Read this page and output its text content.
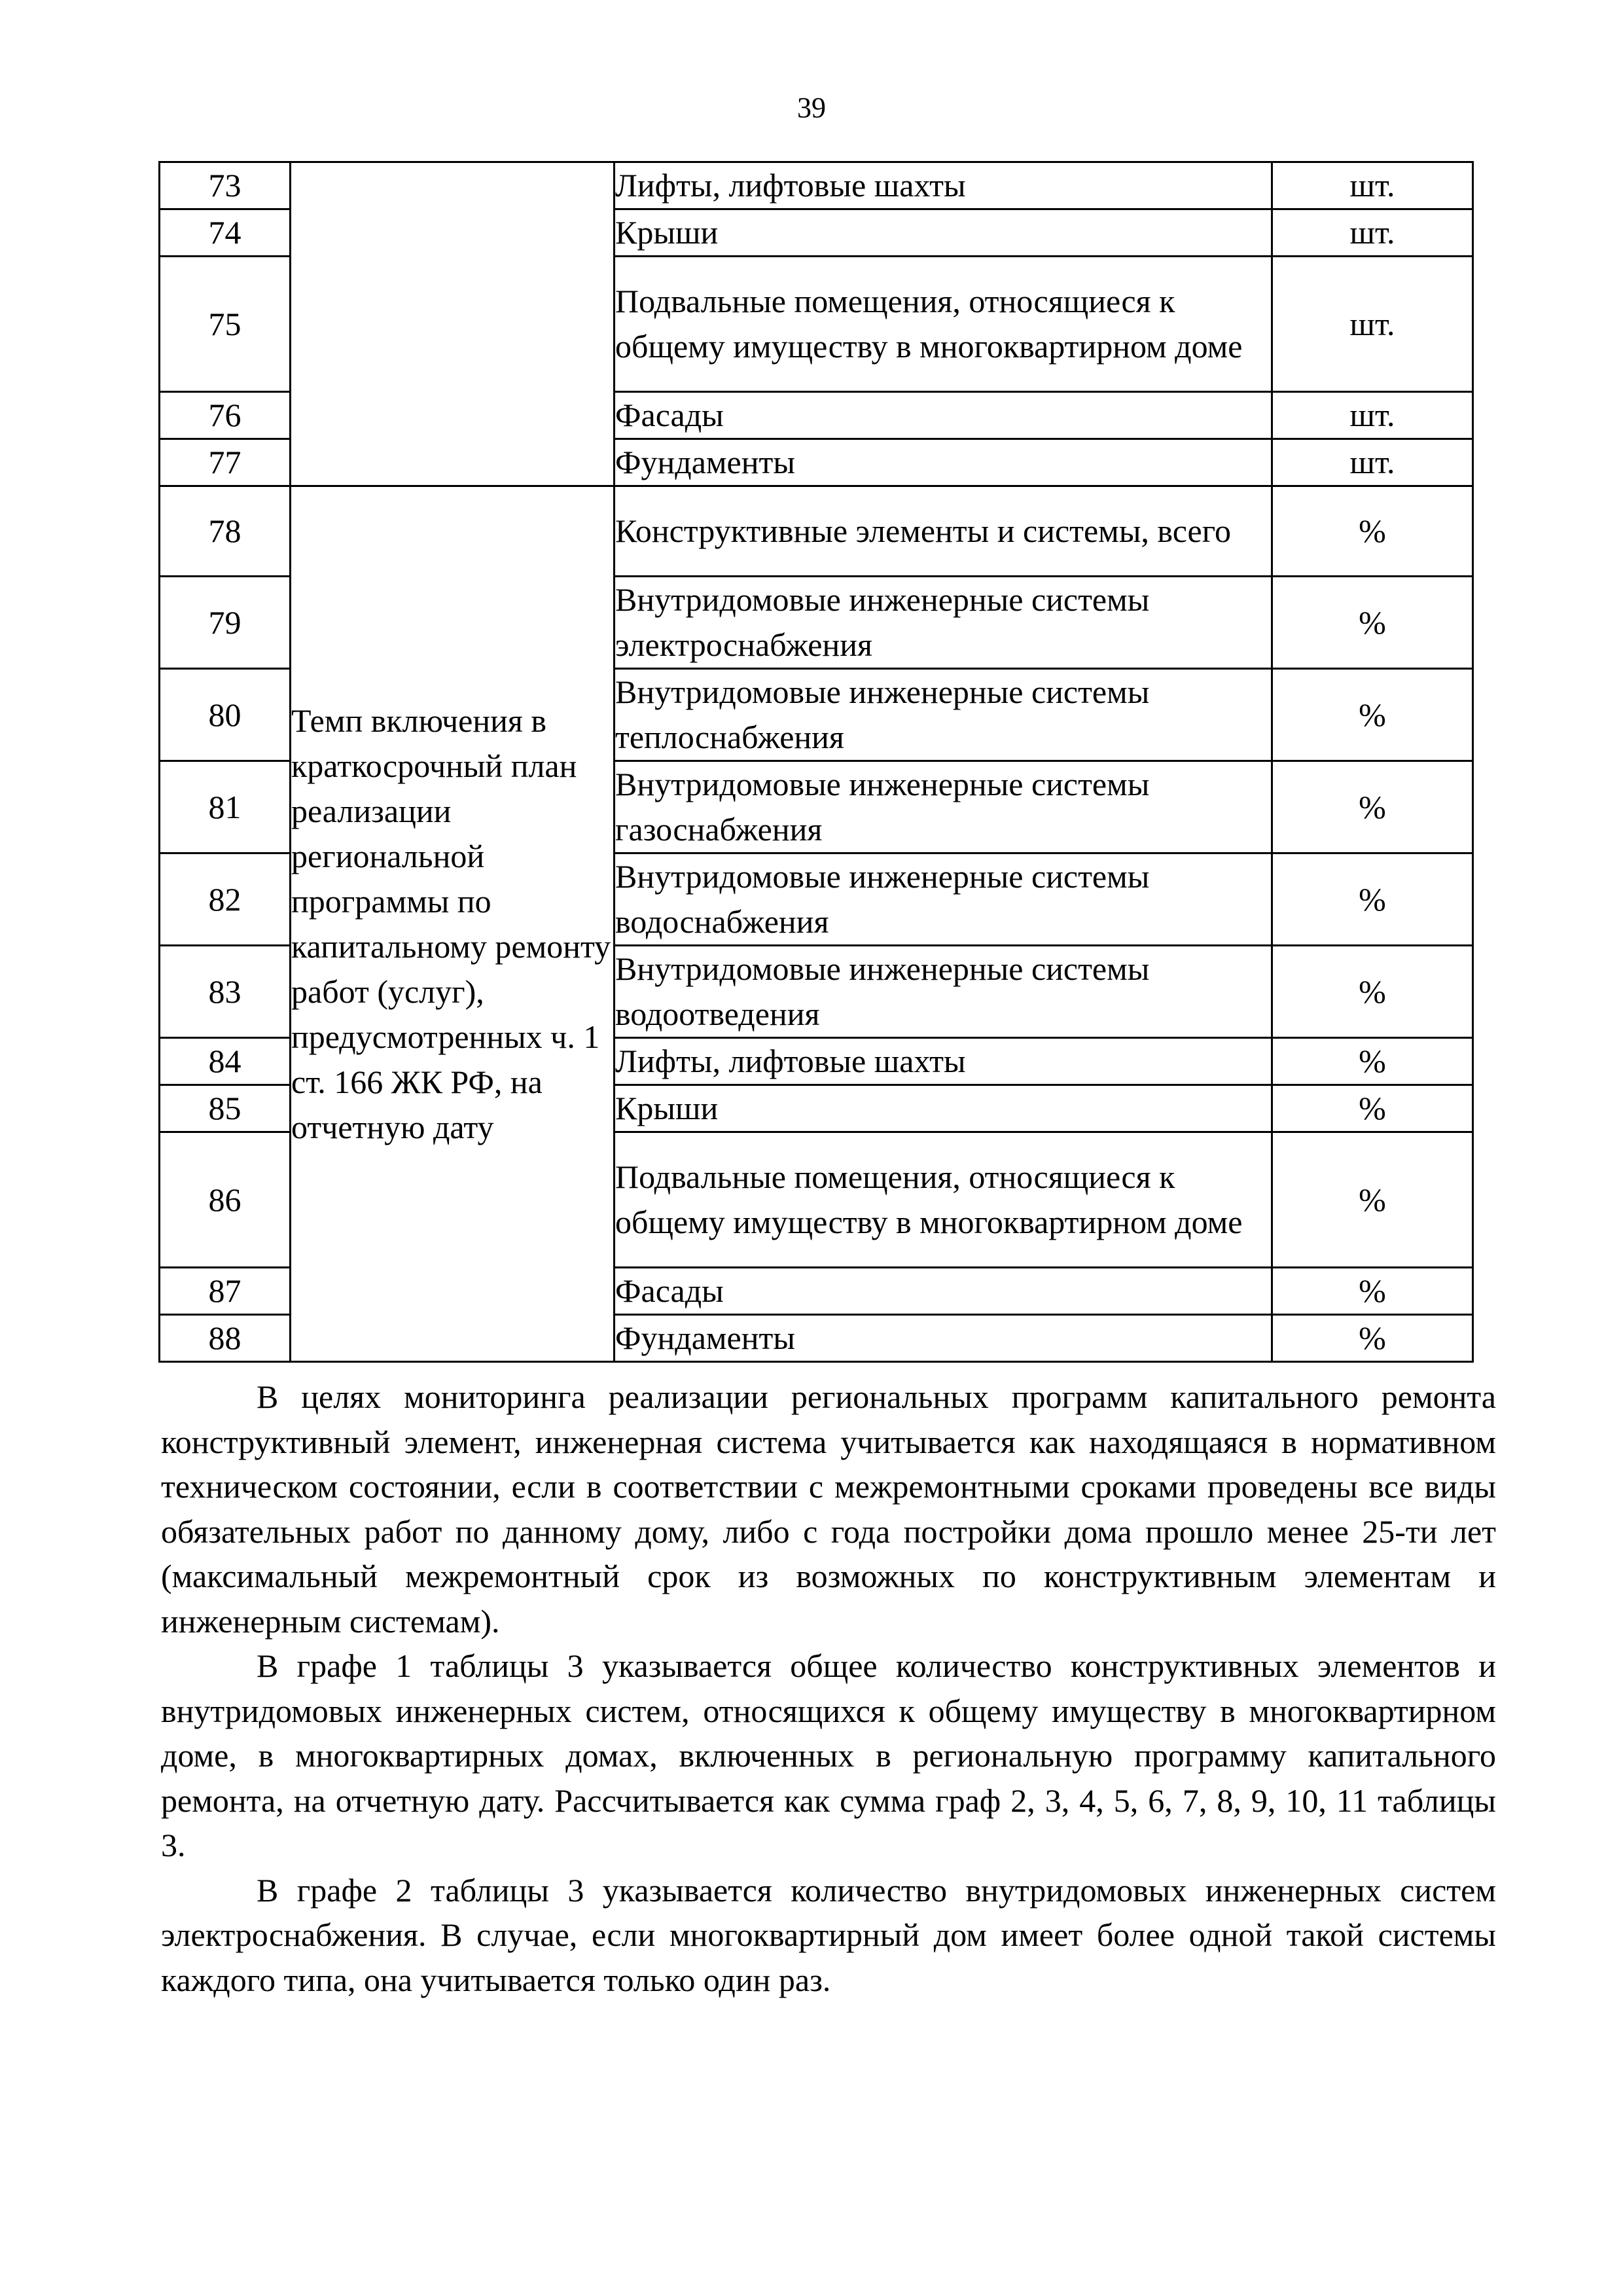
39
73		Лифты, лифтовые шахты	шт.
74		Крыши	шт.
75		Подвальные помещения, относящиеся к общему имуществу в многоквартирном доме	шт.
76		Фасады	шт.
77		Фундаменты	шт.
78	Темп включения в краткосрочный план реализации региональной программы по капитальному ремонту работ (услуг), предусмотренных ч. 1 ст. 166 ЖК РФ, на отчетную дату	Конструктивные элементы и системы, всего	%
79		Внутридомовые инженерные системы электроснабжения	%
80		Внутридомовые инженерные системы теплоснабжения	%
81		Внутридомовые инженерные системы газоснабжения	%
82		Внутридомовые инженерные системы водоснабжения	%
83		Внутридомовые инженерные системы водоотведения	%
84		Лифты, лифтовые шахты	%
85		Крыши	%
86		Подвальные помещения, относящиеся к общему имуществу в многоквартирном доме	%
87		Фасады	%
88		Фундаменты	%

В целях мониторинга реализации региональных программ капитального ремонта конструктивный элемент, инженерная система учитывается как находящаяся в нормативном техническом состоянии, если в соответствии с межремонтными сроками проведены все виды обязательных работ по данному дому, либо с года постройки дома прошло менее 25-ти лет (максимальный межремонтный срок из возможных по конструктивным элементам и инженерным системам).

В графе 1 таблицы 3 указывается общее количество конструктивных элементов и внутридомовых инженерных систем, относящихся к общему имуществу в многоквартирном доме, в многоквартирных домах, включенных в региональную программу капитального ремонта, на отчетную дату. Рассчитывается как сумма граф 2, 3, 4, 5, 6, 7, 8, 9, 10, 11 таблицы 3.

В графе 2 таблицы 3 указывается количество внутридомовых инженерных систем электроснабжения. В случае, если многоквартирный дом имеет более одной такой системы каждого типа, она учитывается только один раз.
